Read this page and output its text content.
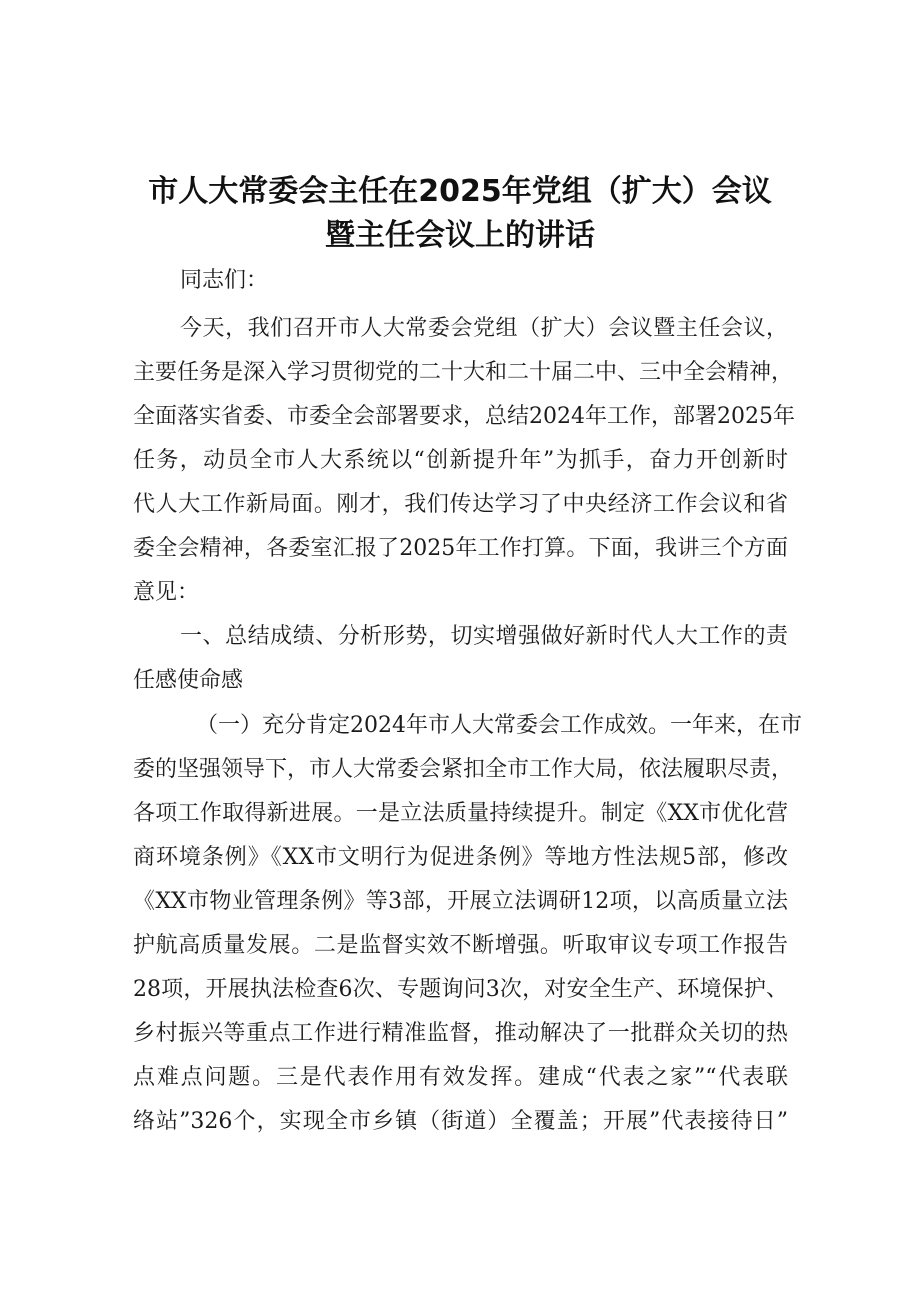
市人大常委会主任在2025年党组（扩大）会议
暨主任会议上的讲话
同志们：
今天，我们召开市人大常委会党组（扩大）会议暨主任会议，
主要任务是深入学习贯彻党的二十大和二十届二中、三中全会精神，
全面落实省委、市委全会部署要求，总结2024年工作，部署2025年
任务，动员全市人大系统以“创新提升年”为抓手，奋力开创新时
代人大工作新局面。刚才，我们传达学习了中央经济工作会议和省
委全会精神，各委室汇报了2025年工作打算。下面，我讲三个方面
意见：
一、总结成绩、分析形势，切实增强做好新时代人大工作的责
任感使命感
（一）充分肯定2024年市人大常委会工作成效。一年来，在市
委的坚强领导下，市人大常委会紧扣全市工作大局，依法履职尽责，
各项工作取得新进展。一是立法质量持续提升。制定《XX市优化营
商环境条例》《XX市文明行为促进条例》等地方性法规5部，修改
《XX市物业管理条例》等3部，开展立法调研12项，以高质量立法
护航高质量发展。二是监督实效不断增强。听取审议专项工作报告
28项，开展执法检查6次、专题询问3次，对安全生产、环境保护、
乡村振兴等重点工作进行精准监督，推动解决了一批群众关切的热
点难点问题。三是代表作用有效发挥。建成“代表之家”“代表联
络站”326个，实现全市乡镇（街道）全覆盖；开展”代表接待日”
